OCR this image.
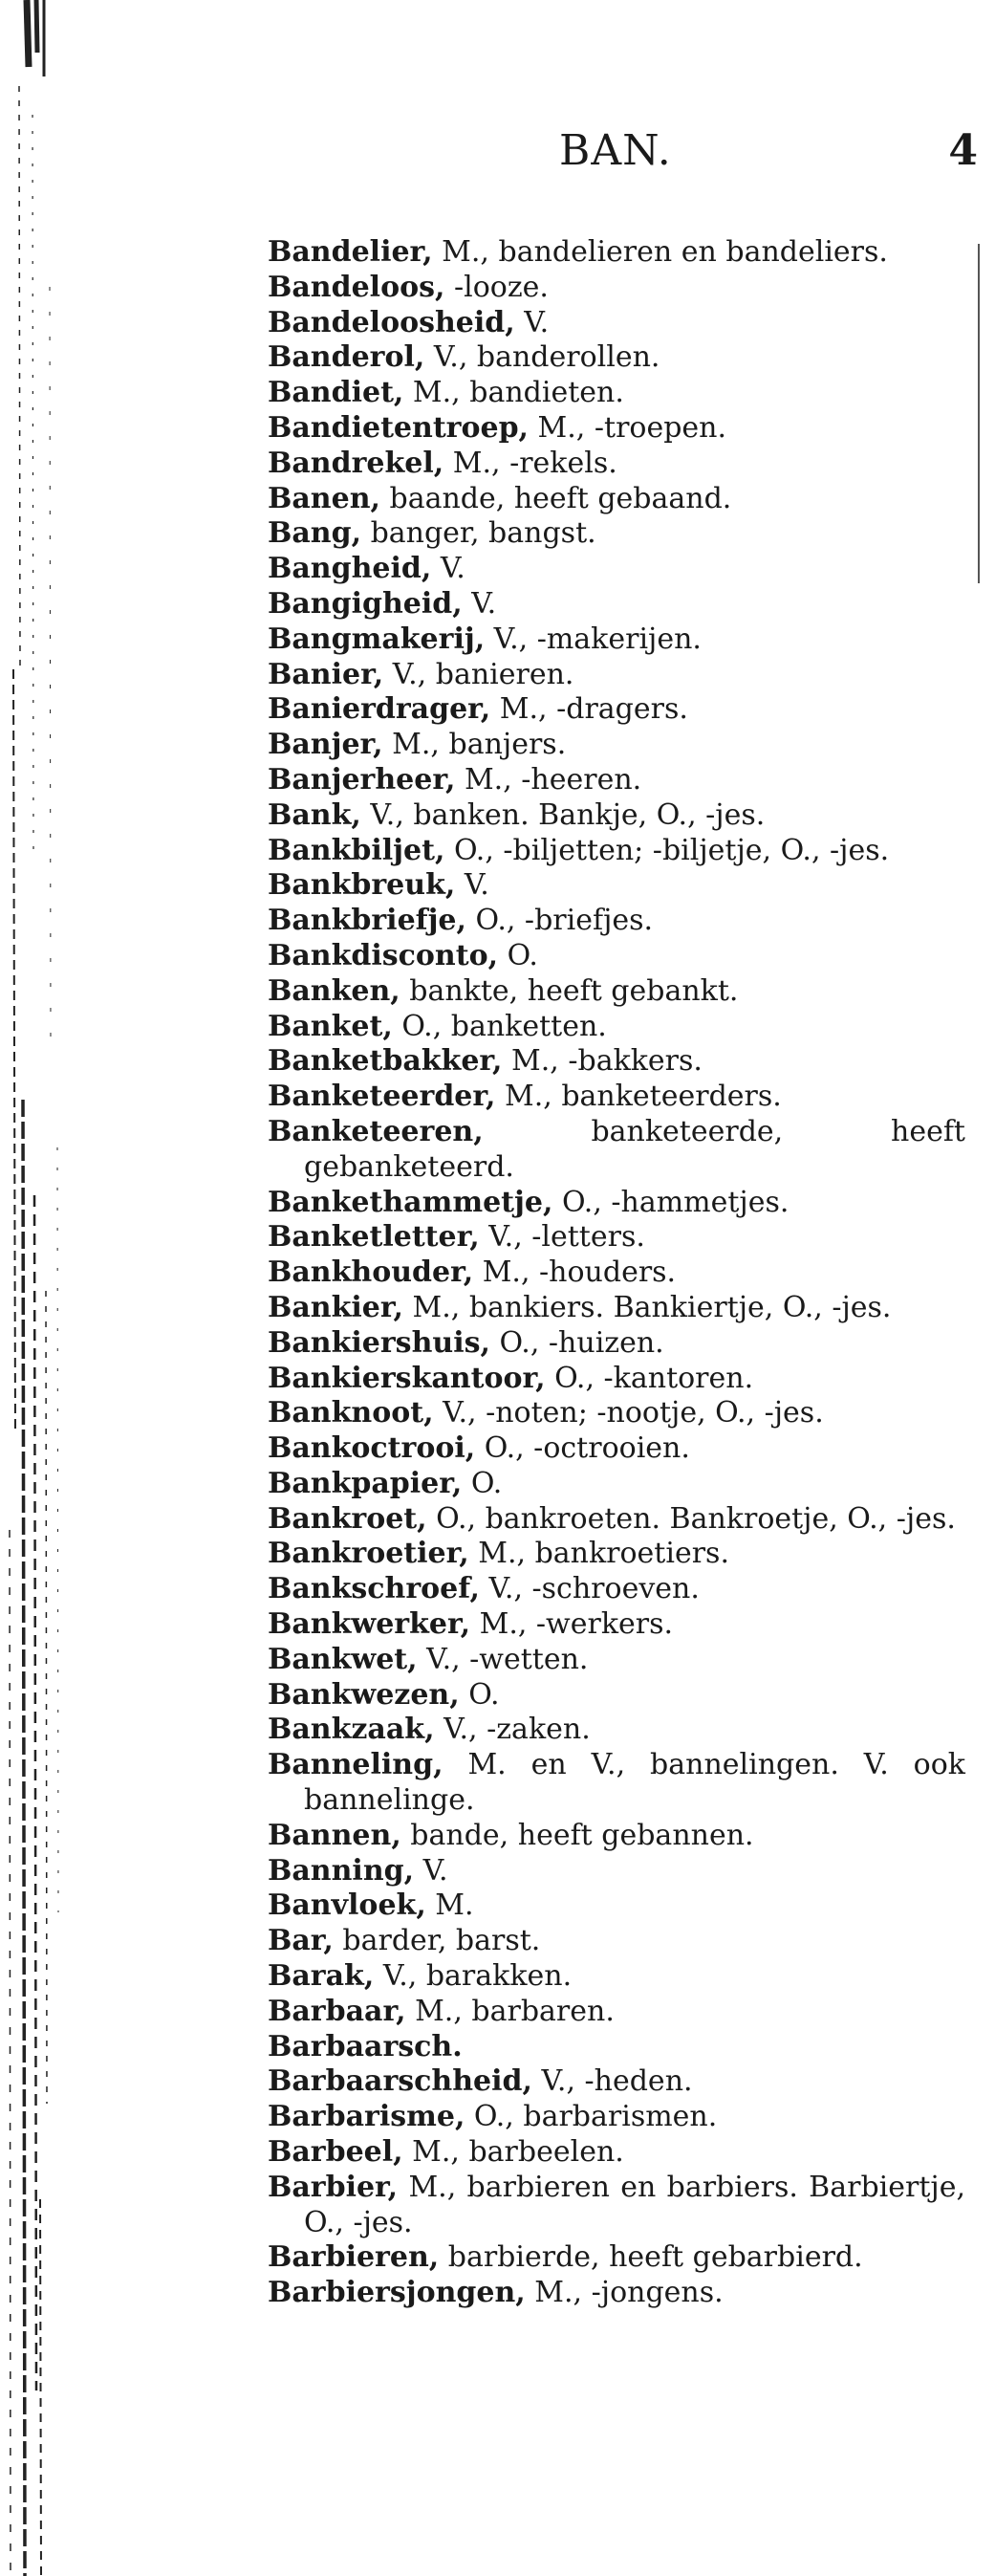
BAN.	4
Bandelier, M., bandelieren en bandeliers.
Bandeloos, -looze.
Bandeloosheid, V.
Banderol, V., banderollen.
Bandiet, M., bandieten.
Bandietentroep, M., -troepen.
Bandrekel, M., -rekels.
Banen, baande, heeft gebaand.
Bang, banger, bangst.
Bangheid, V.
Bangigheid, V.
Bangmakerij, V., -makerijen.
Banier, V., banieren.
Banierdrager, M., -dragers.
Banjer, M., banjers.
Banjerheer, M., -heeren.
Bank, V., banken. Bankje, O., -jes.
Bankbiljet, O., -biljetten; -biljetje, O., -jes.
Bankbreuk, V.
Bankbriefje, O., -briefjes.
Bankdisconto, O.
Banken, bankte, heeft gebankt.
Banket, O., banketten.
Banketbakker, M., -bakkers.
Banketeerder, M., banketeerders.
Banketeeren, banketeerde, heeft gebanketeerd.
Bankethammetje, O., -hammetjes.
Banketletter, V., -letters.
Bankhouder, M., -houders.
Bankier, M., bankiers. Bankiertje, O., -jes.
Bankiershuis, O., -huizen.
Bankierskantoor, O., -kantoren.
Banknoot, V., -noten; -nootje, O., -jes.
Bankoctrooi, O., -octrooien.
Bankpapier, O.
Bankroet, O., bankroeten. Bankroetje, O., -jes.
Bankroetier, M., bankroetiers.
Bankschroef, V., -schroeven.
Bankwerker, M., -werkers.
Bankwet, V., -wetten.
Bankwezen, O.
Bankzaak, V., -zaken.
Banneling, M. en V., bannelingen. V. ook bannelinge.
Bannen, bande, heeft gebannen.
Banning, V.
Banvloek, M.
Bar, barder, barst.
Barak, V., barakken.
Barbaar, M., barbaren.
Barbaarsch.
Barbaarschheid, V., -heden.
Barbarisme, O., barbarismen.
Barbeel, M., barbeelen.
Barbier, M., barbieren en barbiers. Barbiertje, O., -jes.
Barbieren, barbierde, heeft gebarbierd.
Barbiersjongen, M., -jongens.
